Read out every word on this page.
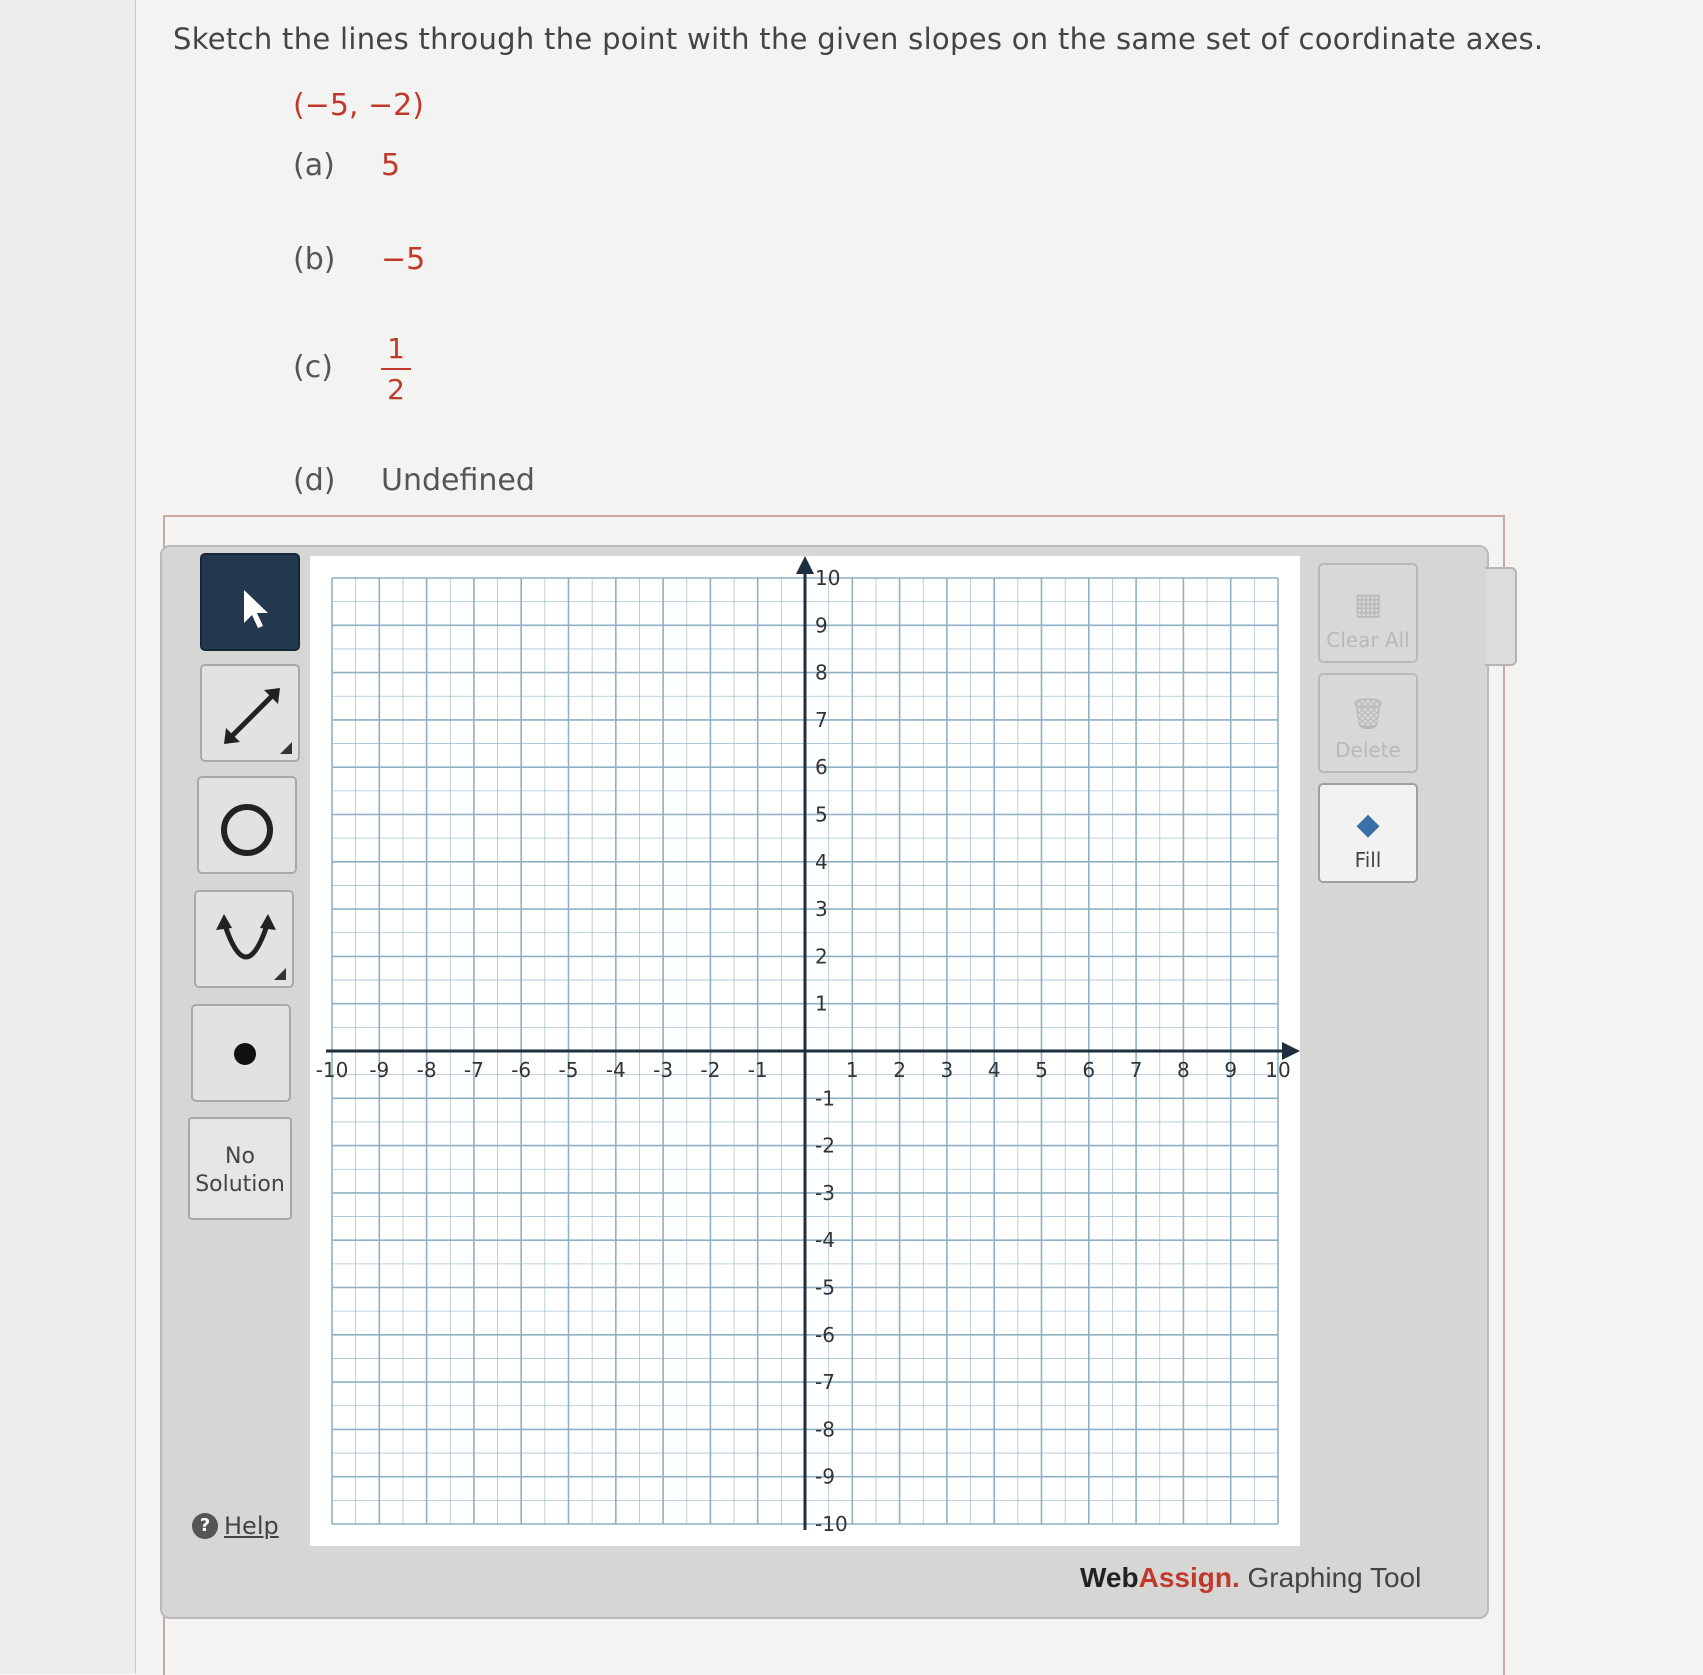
Sketch the lines through the point with the given slopes on the same set of coordinate axes.
(−5, −2)
(a) 5
(b) −5
(c)
1
2
(d) Undefined
No
Solution
? Help
-10 -9 -8 -7 -6 -5 -4 -3 -2 -1	1 2 3 4 5 6 7 8 9 10
10
9
8
7
6
5
4
3
2
1
-1
-2
-3
-4
-5
-6
-7
-8
-9
-10
▦
Clear All
🗑
Delete
◆
Fill
WebAssign. Graphing Tool
